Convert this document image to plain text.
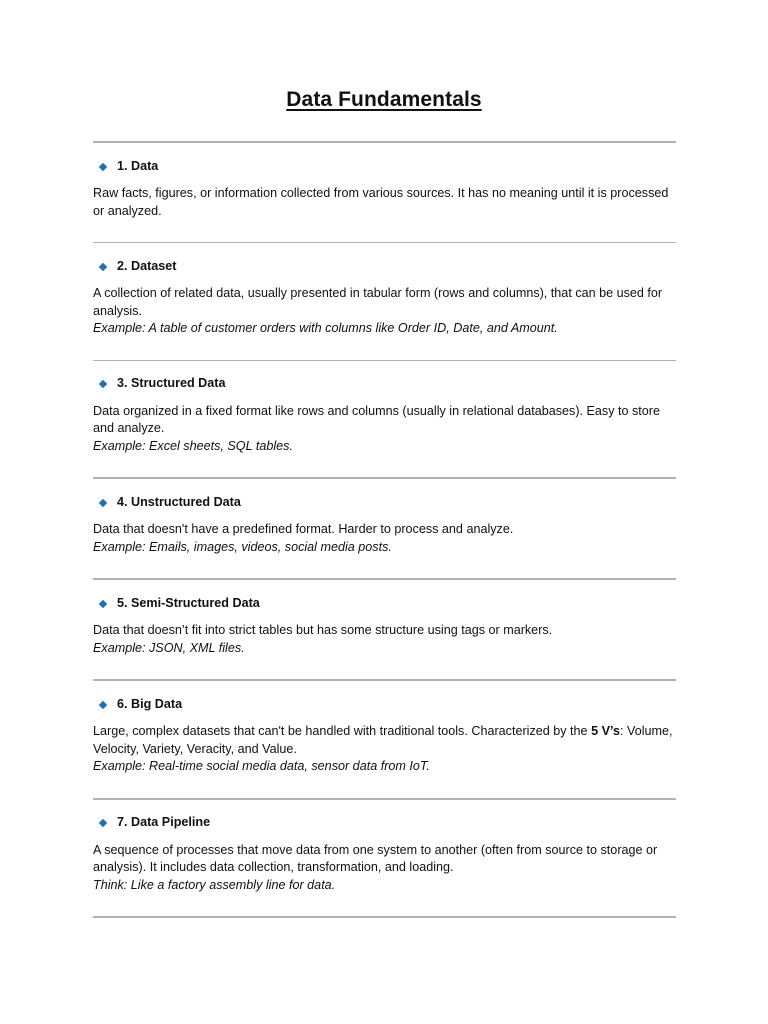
Data Fundamentals
1. Data

Raw facts, figures, or information collected from various sources. It has no meaning until it is processed or analyzed.

2. Dataset

A collection of related data, usually presented in tabular form (rows and columns), that can be used for analysis.

Example: A table of customer orders with columns like Order ID, Date, and Amount.

3. Structured Data

Data organized in a fixed format like rows and columns (usually in relational databases). Easy to store and analyze.

Example: Excel sheets, SQL tables.

4. Unstructured Data

Data that doesn't have a predefined format. Harder to process and analyze.

Example: Emails, images, videos, social media posts.

5. Semi-Structured Data

Data that doesn’t fit into strict tables but has some structure using tags or markers.

Example: JSON, XML files.

6. Big Data

Large, complex datasets that can't be handled with traditional tools. Characterized by the 5 V’s: Volume, Velocity, Variety, Veracity, and Value.

Example: Real-time social media data, sensor data from IoT.

7. Data Pipeline

A sequence of processes that move data from one system to another (often from source to storage or analysis). It includes data collection, transformation, and loading.

Think: Like a factory assembly line for data.
